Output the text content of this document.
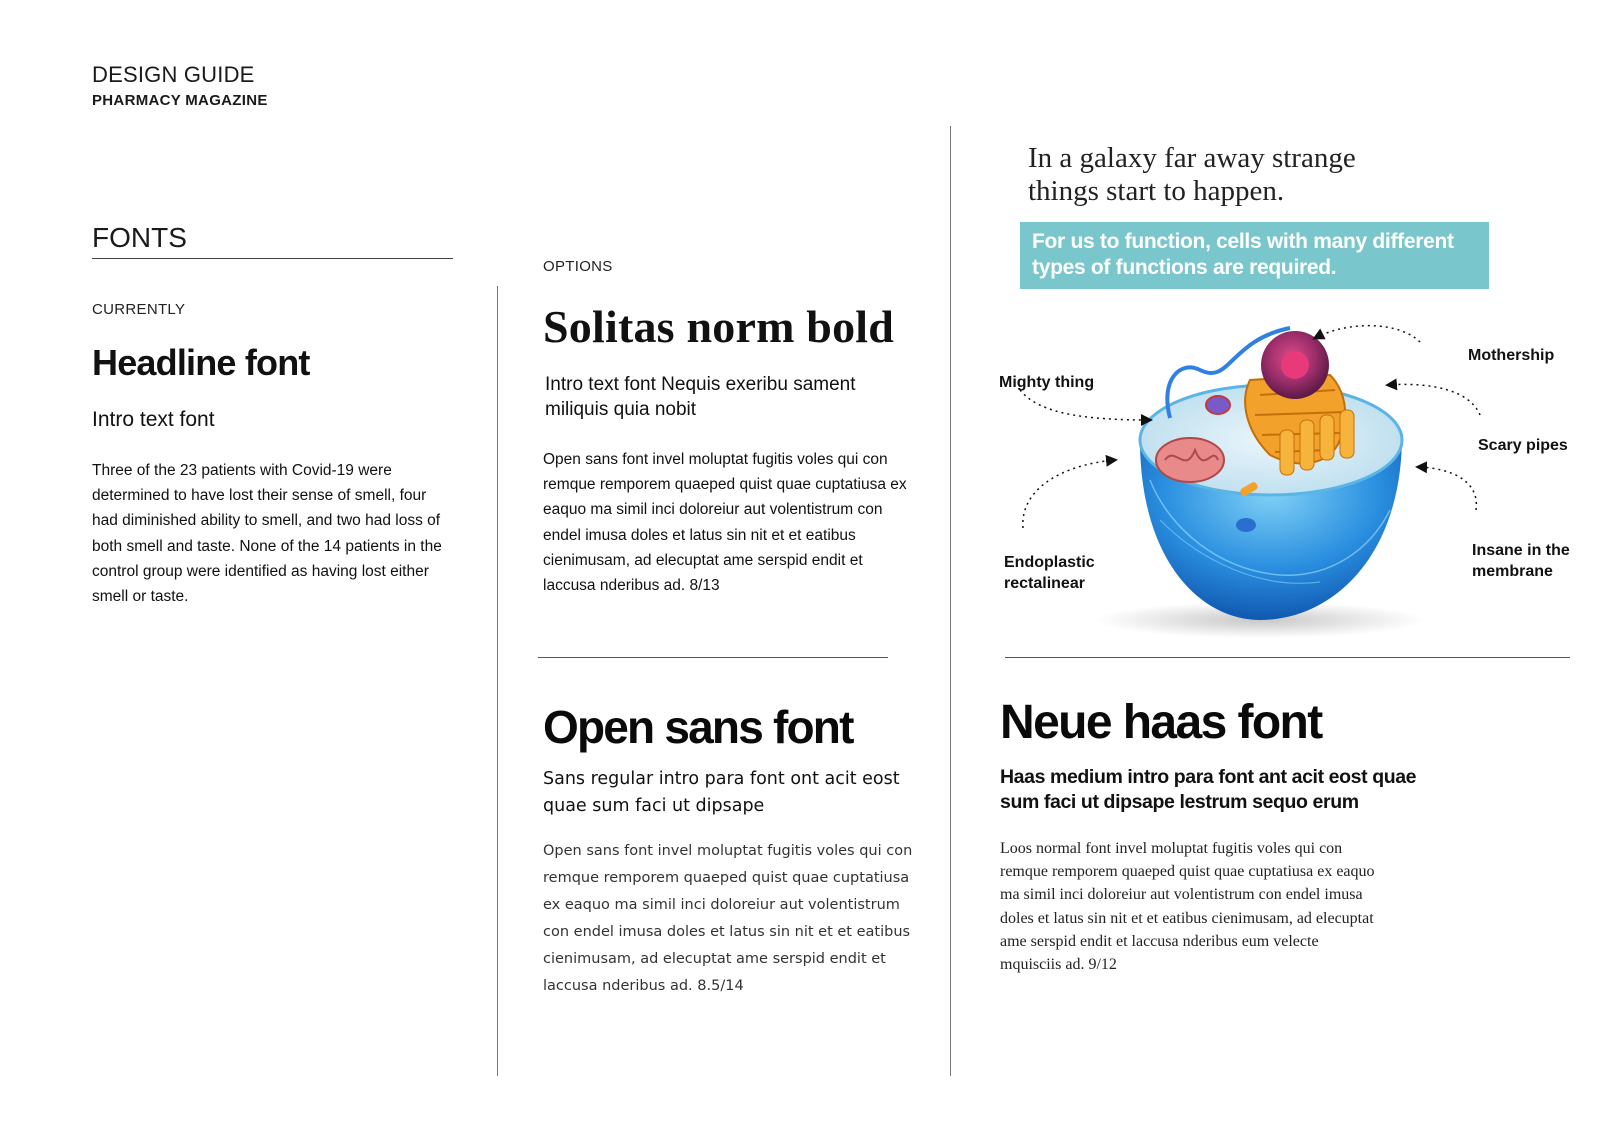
DESIGN GUIDE
PHARMACY MAGAZINE
FONTS
CURRENTLY
Headline font
Intro text font
Three of the 23 patients with Covid-19 were determined to have lost their sense of smell, four had diminished ability to smell, and two had loss of both smell and taste. None of the 14 patients in the control group were identified as having lost either smell or taste.
OPTIONS
Solitas norm bold
Intro text font Nequis exeribu sament miliquis quia nobit
Open sans font invel moluptat fugitis voles qui con remque remporem quaeped quist quae cuptatiusa ex eaquo ma simil inci doloreiur aut volentistrum con endel imusa doles et latus sin nit et et eatibus cienimusam, ad elecuptat ame serspid endit et laccusa nderibus ad. 8/13
Open sans font
Sans regular intro para font ont acit eost quae sum faci ut dipsape
Open sans font invel moluptat fugitis voles qui con remque remporem quaeped quist quae cuptatiusa ex eaquo ma simil inci doloreiur aut volentistrum con endel imusa doles et latus sin nit et et eatibus cienimusam, ad elecuptat ame serspid endit et laccusa nderibus ad. 8.5/14
In a galaxy far away strange things start to happen.
For us to function, cells with many different types of functions are required.
Mighty thing
Mothership
Scary pipes
Endoplastic rectalinear
Insane in the membrane
Neue haas font
Haas medium intro para font ant acit eost quae sum faci ut dipsape lestrum sequo erum
Loos normal font invel moluptat fugitis voles qui con remque remporem quaeped quist quae cuptatiusa ex eaquo ma simil inci doloreiur aut volentistrum con endel imusa doles et latus sin nit et et eatibus cienimusam, ad elecuptat ame serspid endit et laccusa nderibus eum velecte mquisciis ad. 9/12
